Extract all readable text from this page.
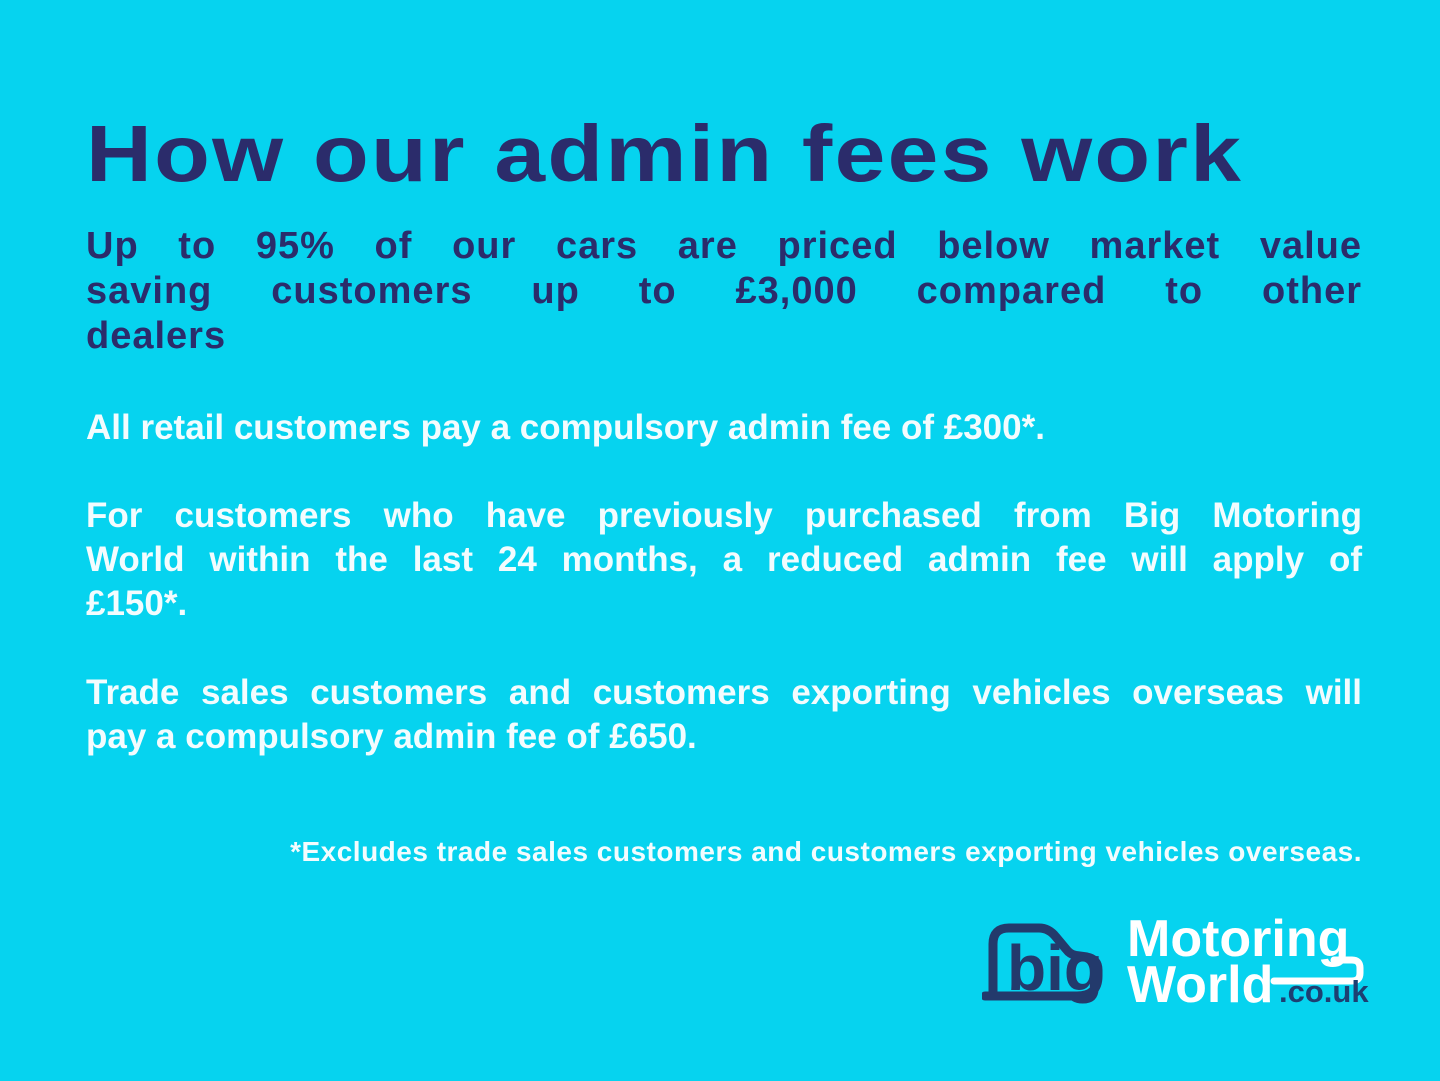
How our admin fees work
Up to 95% of our cars are priced below market value
saving customers up to £3,000 compared to other
dealers
All retail customers pay a compulsory admin fee of £300*.
For customers who have previously purchased from Big Motoring
World within the last 24 months, a reduced admin fee will apply of
£150*.
Trade sales customers and customers exporting vehicles overseas will
pay a compulsory admin fee of £650.
*Excludes trade sales customers and customers exporting vehicles overseas.
big Motoring
World .co.uk
